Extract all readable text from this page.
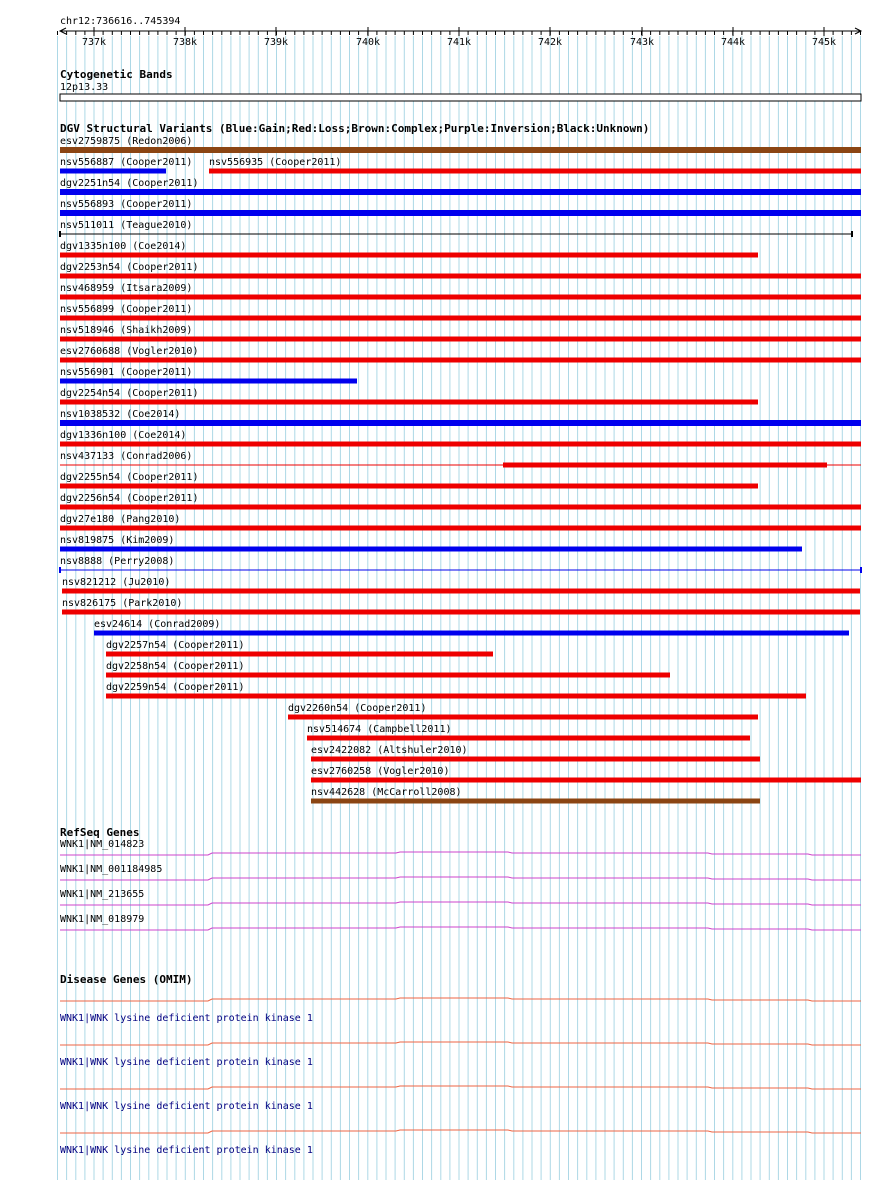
chr12:736616..745394
737k	738k	739k	740k	741k	742k	743k	744k	745k
Cytogenetic Bands
12p13.33
DGV Structural Variants (Blue:Gain;Red:Loss;Brown:Complex;Purple:Inversion;Black:Unknown)
esv2759875 (Redon2006)
nsv556887 (Cooper2011) nsv556935 (Cooper2011)
dgv2251n54 (Cooper2011)
nsv556893 (Cooper2011)
nsv511011 (Teague2010)
dgv1335n100 (Coe2014)
dgv2253n54 (Cooper2011)
nsv468959 (Itsara2009)
nsv556899 (Cooper2011)
nsv518946 (Shaikh2009)
esv2760688 (Vogler2010)
nsv556901 (Cooper2011)
dgv2254n54 (Cooper2011)
nsv1038532 (Coe2014)
dgv1336n100 (Coe2014)
nsv437133 (Conrad2006)
dgv2255n54 (Cooper2011)
dgv2256n54 (Cooper2011)
dgv27e180 (Pang2010)
nsv819875 (Kim2009)
nsv8888 (Perry2008)
nsv821212 (Ju2010)
nsv826175 (Park2010)
esv24614 (Conrad2009)
dgv2257n54 (Cooper2011)
dgv2258n54 (Cooper2011)
dgv2259n54 (Cooper2011)
dgv2260n54 (Cooper2011)
nsv514674 (Campbell2011)
esv2422082 (Altshuler2010)
esv2760258 (Vogler2010)
nsv442628 (McCarroll2008)
RefSeq Genes
WNK1|NM_014823
WNK1|NM_001184985
WNK1|NM_213655
WNK1|NM_018979
Disease Genes (OMIM)
WNK1|WNK lysine deficient protein kinase 1
WNK1|WNK lysine deficient protein kinase 1
WNK1|WNK lysine deficient protein kinase 1
WNK1|WNK lysine deficient protein kinase 1
